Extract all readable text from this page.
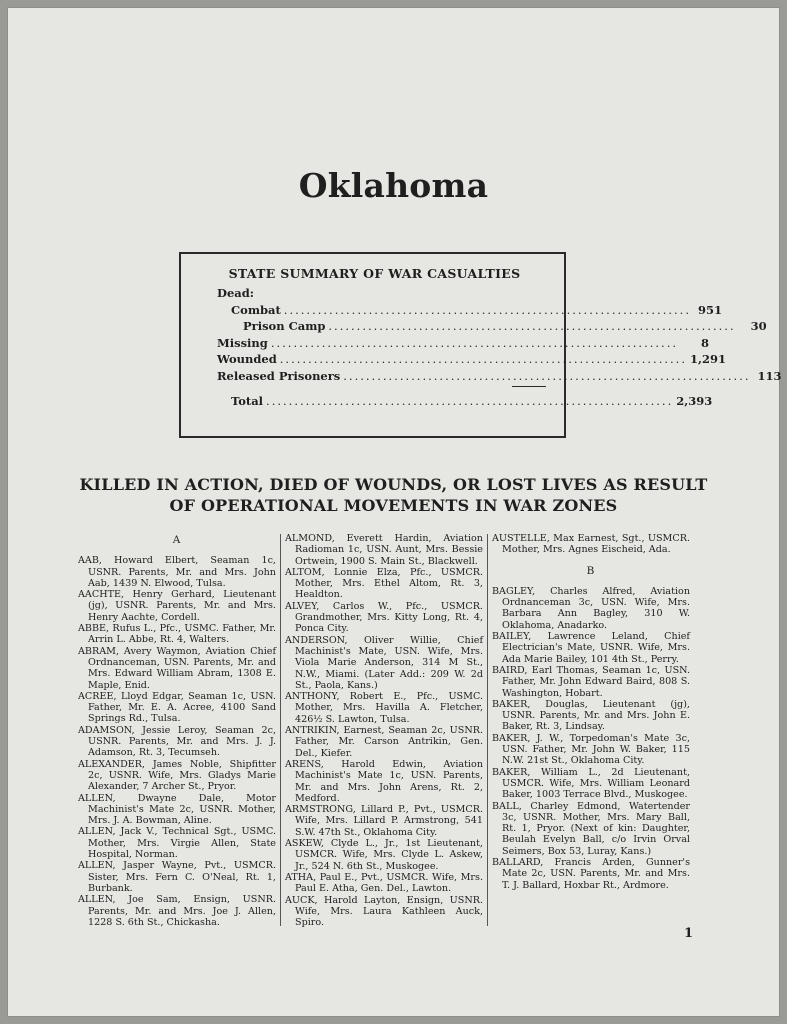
Oklahoma
STATE SUMMARY OF WAR CASUALTIES
Dead:
Combat ........................................................................ 951
Prison Camp ........................................................................	30
Missing ........................................................................	8
Wounded ........................................................................ 1,291
Released Prisoners ........................................................................ 113
Total ........................................................................ 2,393
KILLED IN ACTION, DIED OF WOUNDS, OR LOST LIVES AS RESULT
OF OPERATIONAL MOVEMENTS IN WAR ZONES
A

AAB, Howard Elbert, Seaman 1c, USNR. Parents, Mr. and Mrs. John Aab, 1439 N. Elwood, Tulsa.

AACHTE, Henry Gerhard, Lieutenant (jg), USNR. Parents, Mr. and Mrs. Henry Aachte, Cordell.

ABBE, Rufus L., Pfc., USMC. Father, Mr. Arrin L. Abbe, Rt. 4, Walters.

ABRAM, Avery Waymon, Aviation Chief Ordnanceman, USN. Parents, Mr. and Mrs. Edward William Abram, 1308 E. Maple, Enid.

ACREE, Lloyd Edgar, Seaman 1c, USN. Father, Mr. E. A. Acree, 4100 Sand Springs Rd., Tulsa.

ADAMSON, Jessie Leroy, Seaman 2c, USNR. Parents, Mr. and Mrs. J. J. Adamson, Rt. 3, Tecumseh.

ALEXANDER, James Noble, Shipfitter 2c, USNR. Wife, Mrs. Gladys Marie Alexander, 7 Archer St., Pryor.

ALLEN, Dwayne Dale, Motor Machinist's Mate 2c, USNR. Mother, Mrs. J. A. Bowman, Aline.

ALLEN, Jack V., Technical Sgt., USMC. Mother, Mrs. Virgie Allen, State Hospital, Norman.

ALLEN, Jasper Wayne, Pvt., USMCR. Sister, Mrs. Fern C. O'Neal, Rt. 1, Burbank.

ALLEN, Joe Sam, Ensign, USNR. Parents, Mr. and Mrs. Joe J. Allen, 1228 S. 6th St., Chickasha.

ALMOND, Everett Hardin, Aviation Radioman 1c, USN. Aunt, Mrs. Bessie Ortwein, 1900 S. Main St., Blackwell.

ALTOM, Lonnie Elza, Pfc., USMCR. Mother, Mrs. Ethel Altom, Rt. 3, Healdton.

ALVEY, Carlos W., Pfc., USMCR. Grandmother, Mrs. Kitty Long, Rt. 4, Ponca City.

ANDERSON, Oliver Willie, Chief Machinist's Mate, USN. Wife, Mrs. Viola Marie Anderson, 314 M St., N.W., Miami. (Later Add.: 209 W. 2d St., Paola, Kans.)

ANTHONY, Robert E., Pfc., USMC. Mother, Mrs. Havilla A. Fletcher, 426½ S. Lawton, Tulsa.

ANTRIKIN, Earnest, Seaman 2c, USNR. Father, Mr. Carson Antrikin, Gen. Del., Kiefer.

ARENS, Harold Edwin, Aviation Machinist's Mate 1c, USN. Parents, Mr. and Mrs. John Arens, Rt. 2, Medford.

ARMSTRONG, Lillard P., Pvt., USMCR. Wife, Mrs. Lillard P. Armstrong, 541 S.W. 47th St., Oklahoma City.

ASKEW, Clyde L., Jr., 1st Lieutenant, USMCR. Wife, Mrs. Clyde L. Askew, Jr., 524 N. 6th St., Muskogee.

ATHA, Paul E., Pvt., USMCR. Wife, Mrs. Paul E. Atha, Gen. Del., Lawton.

AUCK, Harold Layton, Ensign, USNR. Wife, Mrs. Laura Kathleen Auck, Spiro.

AUSTELLE, Max Earnest, Sgt., USMCR. Mother, Mrs. Agnes Eischeid, Ada.

B

BAGLEY, Charles Alfred, Aviation Ordnanceman 3c, USN. Wife, Mrs. Barbara Ann Bagley, 310 W. Oklahoma, Anadarko.

BAILEY, Lawrence Leland, Chief Electrician's Mate, USNR. Wife, Mrs. Ada Marie Bailey, 101 4th St., Perry.

BAIRD, Earl Thomas, Seaman 1c, USN. Father, Mr. John Edward Baird, 808 S. Washington, Hobart.

BAKER, Douglas, Lieutenant (jg), USNR. Parents, Mr. and Mrs. John E. Baker, Rt. 3, Lindsay.

BAKER, J. W., Torpedoman's Mate 3c, USN. Father, Mr. John W. Baker, 115 N.W. 21st St., Oklahoma City.

BAKER, William L., 2d Lieutenant, USMCR. Wife, Mrs. William Leonard Baker, 1003 Terrace Blvd., Muskogee.

BALL, Charley Edmond, Watertender 3c, USNR. Mother, Mrs. Mary Ball, Rt. 1, Pryor. (Next of kin: Daughter, Beulah Evelyn Ball, c/o Irvin Orval Seimers, Box 53, Luray, Kans.)

BALLARD, Francis Arden, Gunner's Mate 2c, USN. Parents, Mr. and Mrs. T. J. Ballard, Hoxbar Rt., Ardmore.

1
